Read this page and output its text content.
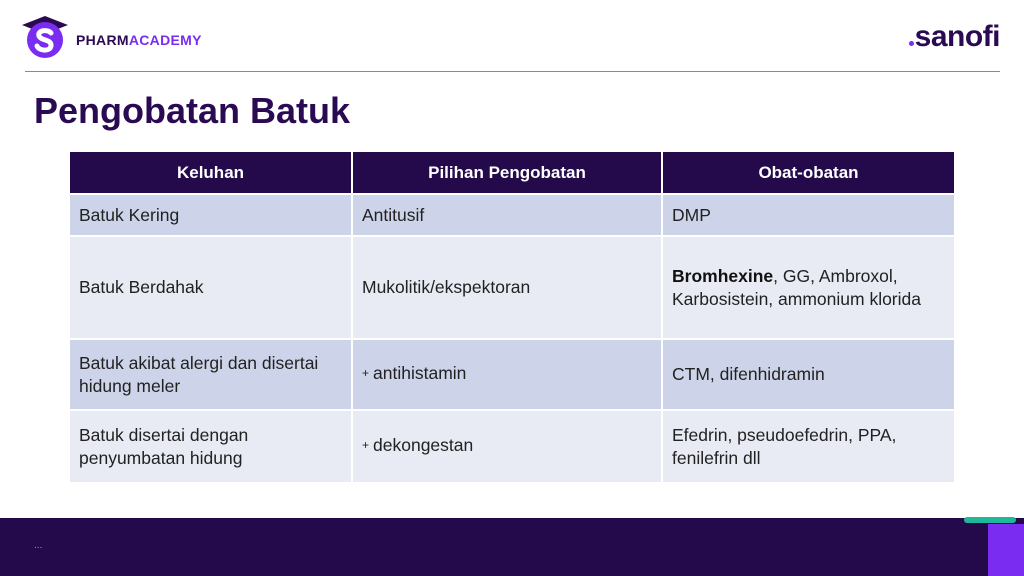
PHARMACADEMY	sanofi
Pengobatan Batuk
Keluhan	Pilihan Pengobatan	Obat-obatan
Batuk Kering	Antitusif	DMP
Batuk Berdahak	Mukolitik/ekspektoran	Bromhexine, GG, Ambroxol, Karbosistein, ammonium klorida
Batuk akibat alergi dan disertai hidung meler	+ antihistamin	CTM, difenhidramin
Batuk disertai dengan penyumbatan hidung	+ dekongestan	Efedrin, pseudoefedrin, PPA, fenilefrin dll
...
